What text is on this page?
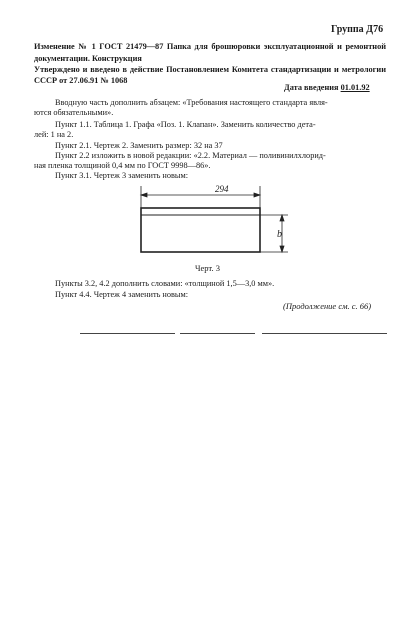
Группа Д76
Изменение № 1 ГОСТ 21479—87 Папка для брошюровки эксплуатационной и ремонтной документации. Конструкция
Утверждено и введено в действие Постановлением Комитета стандартизации и метрологии СССР от 27.06.91 № 1068
Дата введения 01.01.92
Вводную часть дополнить абзацем: «Требования настоящего стандарта явля-
ются обязательными».
Пункт 1.1. Таблица 1. Графа «Поз. 1. Клапан». Заменить количество дета-
лей: 1 на 2.
Пункт 2.1. Чертеж 2. Заменить размер: 32 на 37
Пункт 2.2 изложить в новой редакции: «2.2. Материал — поливинилхлорид-
ная пленка толщиной 0,4 мм по ГОСТ 9998—86».
Пункт 3.1. Чертеж 3 заменить новым:
294
b
Черт. 3
Пункты 3.2, 4.2 дополнить словами: «толщиной 1,5—3,0 мм».
Пункт 4.4. Чертеж 4 заменить новым:
(Продолжение см. с. 66)
